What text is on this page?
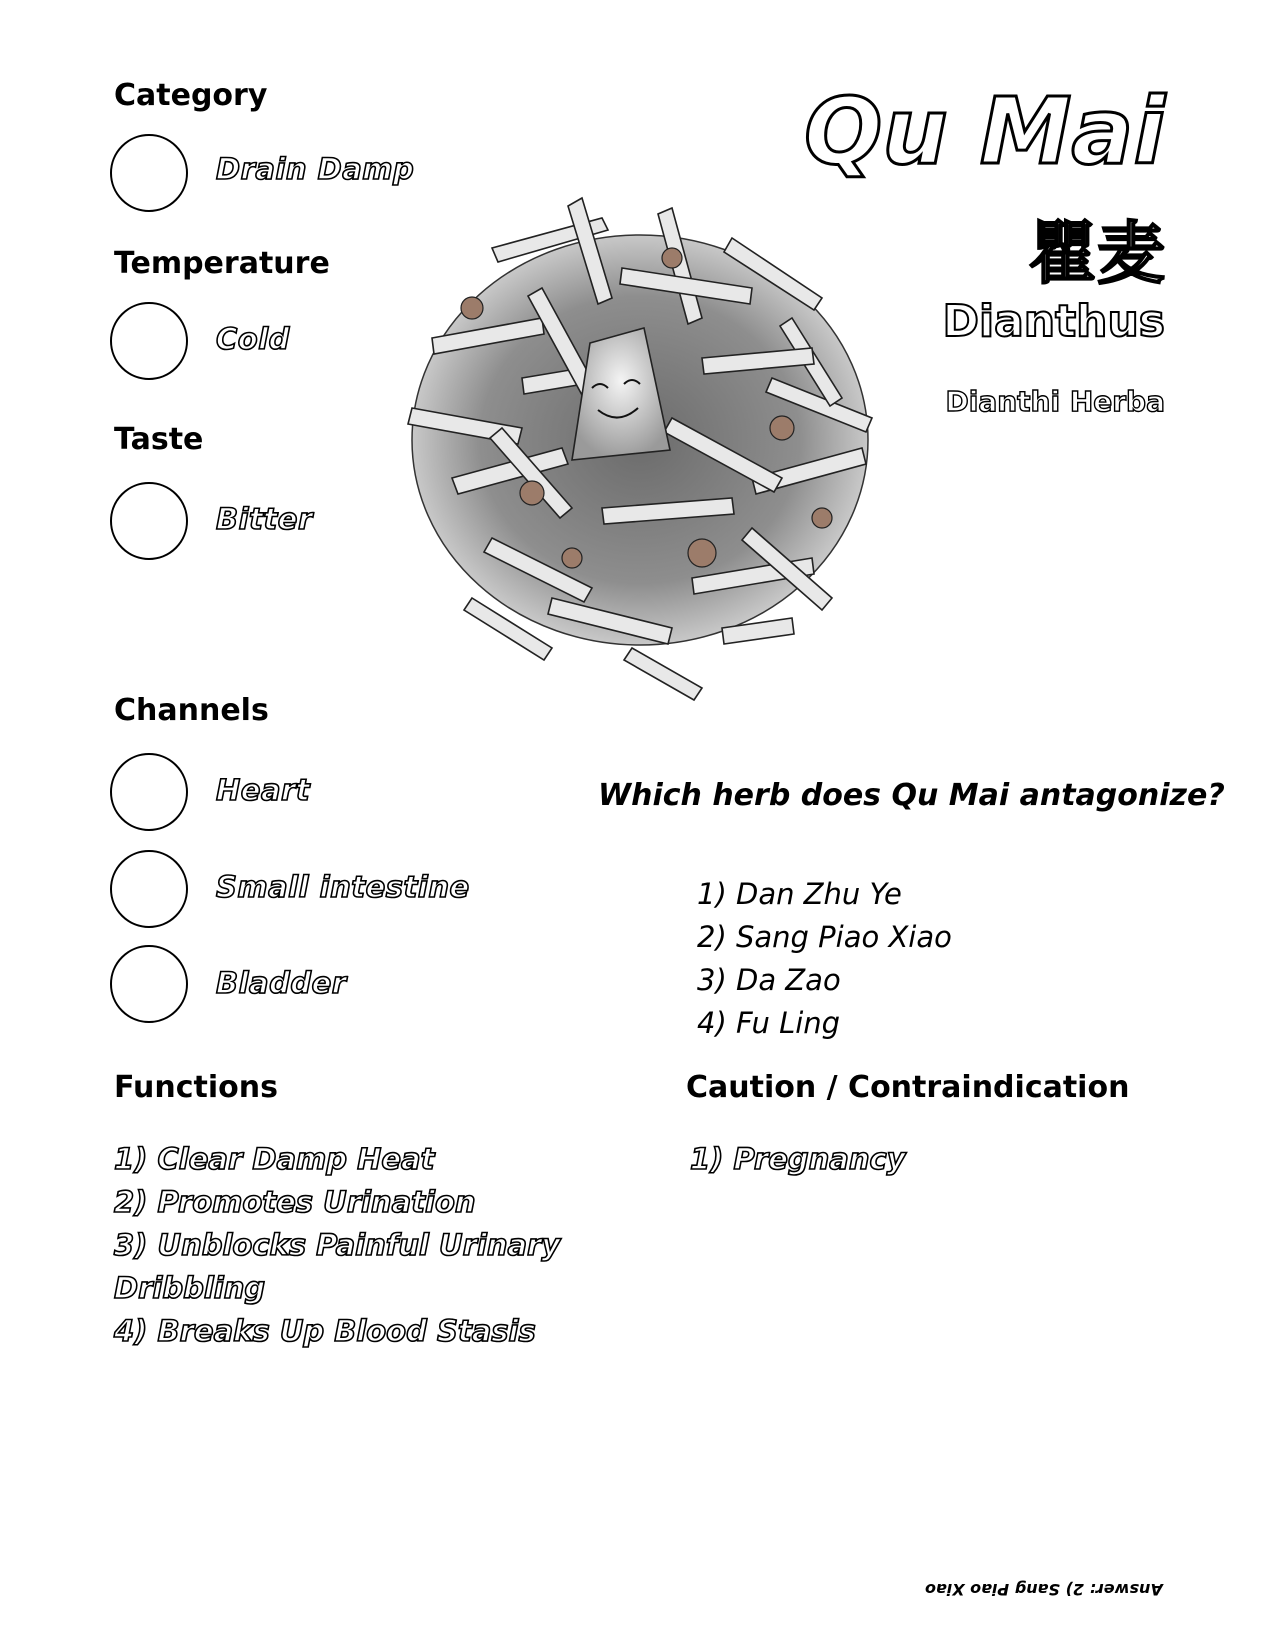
Category
Drain Damp
Temperature
Cold
Taste
Bitter
Qu Mai
瞿麦
Dianthus
Dianthi Herba
Channels
Heart
Small intestine
Bladder
Which herb does Qu Mai antagonize?
1) Dan Zhu Ye
2) Sang Piao Xiao
3) Da Zao
4) Fu Ling
Functions
1) Clear Damp Heat
2) Promotes Urination
3) Unblocks Painful Urinary
Dribbling
4) Breaks Up Blood Stasis
Caution / Contraindication
1) Pregnancy
Answer: 2) Sang Piao Xiao
